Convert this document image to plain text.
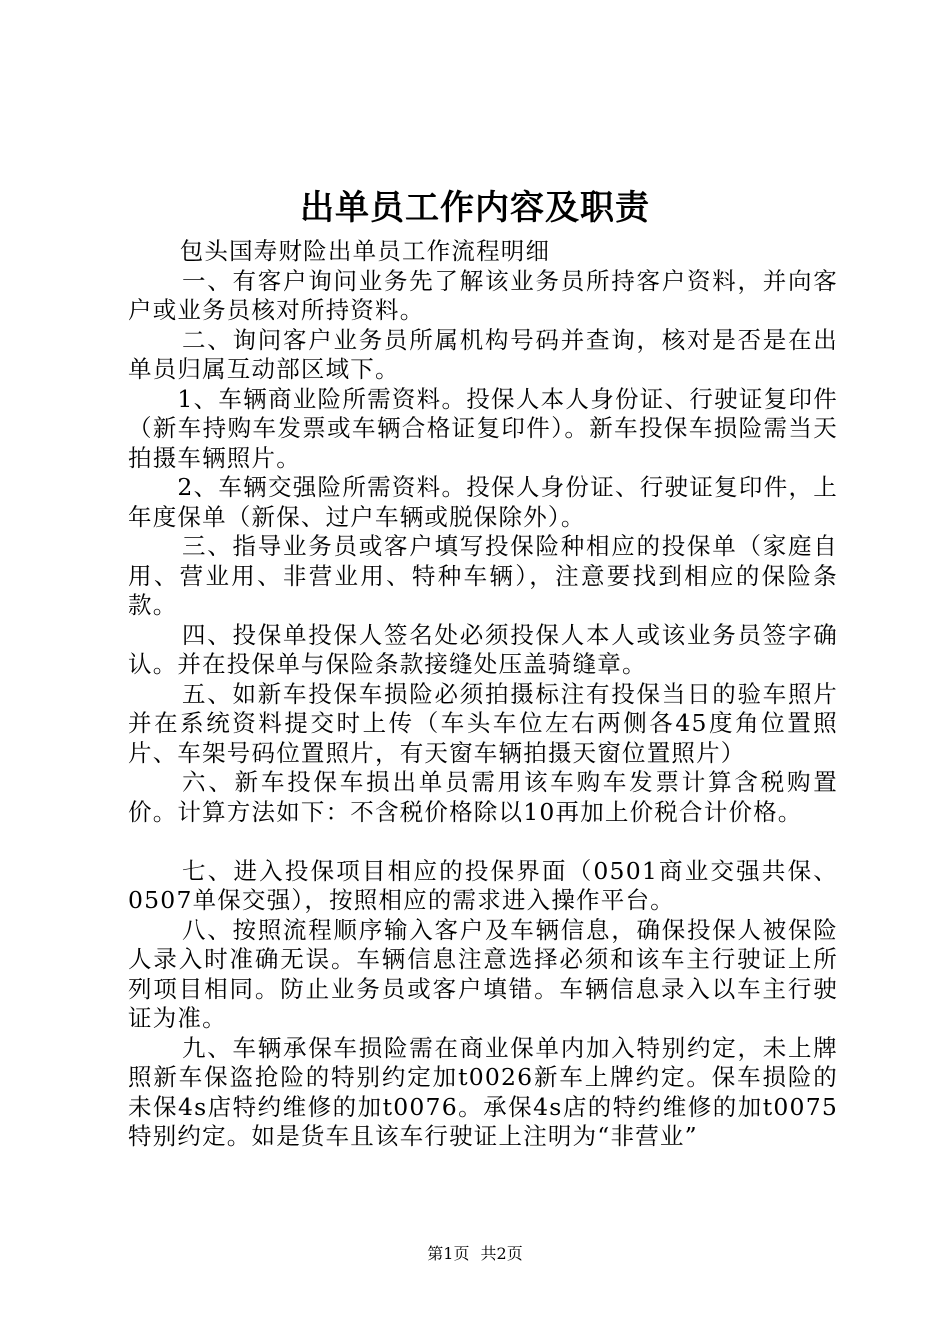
出单员工作内容及职责

包头国寿财险出单员工作流程明细

一、有客户询问业务先了解该业务员所持客户资料，并向客户或业务员核对所持资料。

二、询问客户业务员所属机构号码并查询，核对是否是在出单员归属互动部区域下。

1、车辆商业险所需资料。投保人本人身份证、行驶证复印件（新车持购车发票或车辆合格证复印件）。新车投保车损险需当天拍摄车辆照片。

2、车辆交强险所需资料。投保人身份证、行驶证复印件，上年度保单（新保、过户车辆或脱保除外）。

三、指导业务员或客户填写投保险种相应的投保单（家庭自用、营业用、非营业用、特种车辆），注意要找到相应的保险条款。

四、投保单投保人签名处必须投保人本人或该业务员签字确认。并在投保单与保险条款接缝处压盖骑缝章。

五、如新车投保车损险必须拍摄标注有投保当日的验车照片并在系统资料提交时上传（车头车位左右两侧各45度角位置照片、车架号码位置照片，有天窗车辆拍摄天窗位置照片）

六、新车投保车损出单员需用该车购车发票计算含税购置价。计算方法如下：不含税价格除以10再加上价税合计价格。

七、进入投保项目相应的投保界面（0501商业交强共保、0507单保交强），按照相应的需求进入操作平台。

八、按照流程顺序输入客户及车辆信息，确保投保人被保险人录入时准确无误。车辆信息注意选择必须和该车主行驶证上所列项目相同。防止业务员或客户填错。车辆信息录入以车主行驶证为准。

九、车辆承保车损险需在商业保单内加入特别约定，未上牌照新车保盗抢险的特别约定加t0026新车上牌约定。保车损险的未保4s店特约维修的加t0076。承保4s店的特约维修的加t0075特别约定。如是货车且该车行驶证上注明为“非营业”

第1页 共2页
